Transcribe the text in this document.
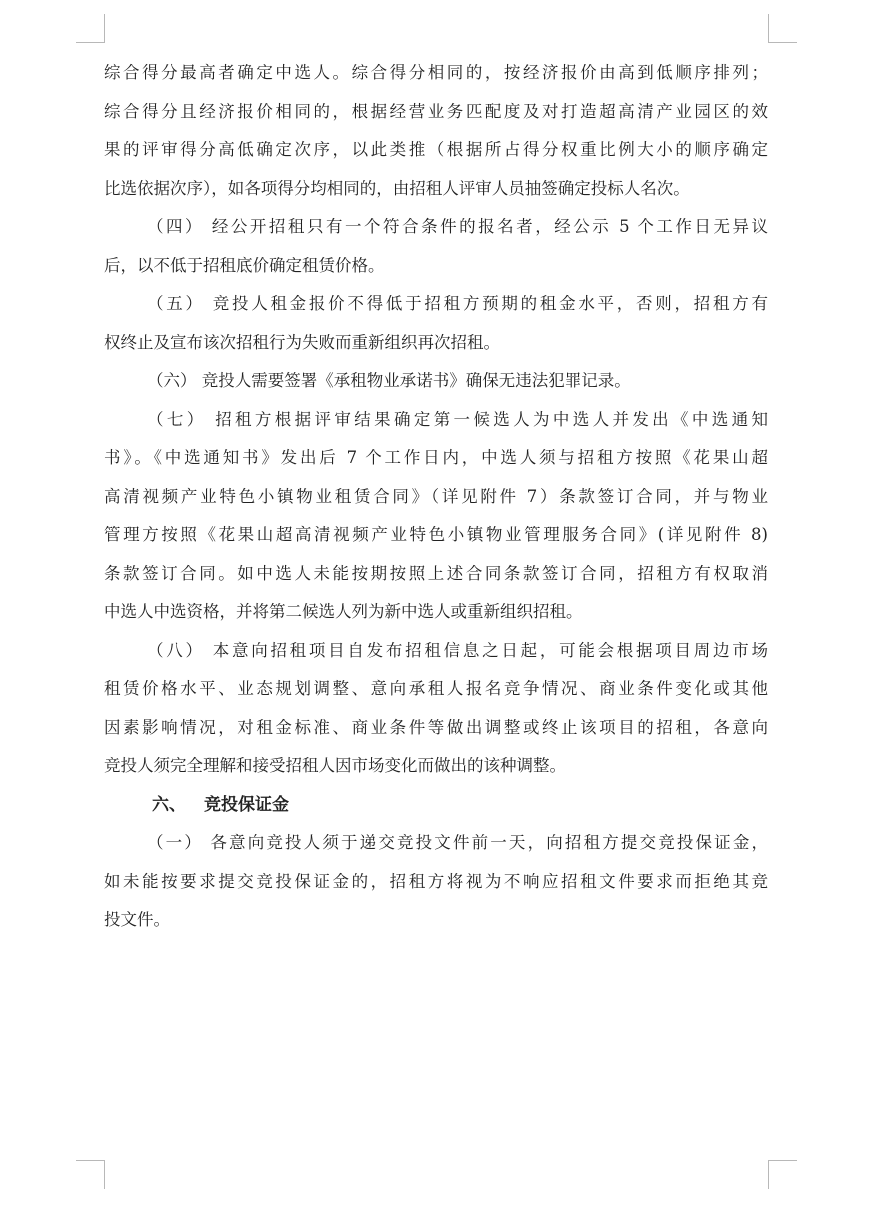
综合得分最高者确定中选人。综合得分相同的，按经济报价由高到低顺序排列；
综合得分且经济报价相同的，根据经营业务匹配度及对打造超高清产业园区的效
果的评审得分高低确定次序，以此类推（根据所占得分权重比例大小的顺序确定
比选依据次序），如各项得分均相同的，由招租人评审人员抽签确定投标人名次。
（四） 经公开招租只有一个符合条件的报名者，经公示 5 个工作日无异议
后，以不低于招租底价确定租赁价格。
（五） 竞投人租金报价不得低于招租方预期的租金水平，否则，招租方有
权终止及宣布该次招租行为失败而重新组织再次招租。
（六） 竞投人需要签署《承租物业承诺书》确保无违法犯罪记录。
（七） 招租方根据评审结果确定第一候选人为中选人并发出《中选通知
书》。《中选通知书》发出后 7 个工作日内，中选人须与招租方按照《花果山超
高清视频产业特色小镇物业租赁合同》（详见附件 7）条款签订合同，并与物业
管理方按照《花果山超高清视频产业特色小镇物业管理服务合同》(详见附件 8)
条款签订合同。如中选人未能按期按照上述合同条款签订合同，招租方有权取消
中选人中选资格，并将第二候选人列为新中选人或重新组织招租。
（八） 本意向招租项目自发布招租信息之日起，可能会根据项目周边市场
租赁价格水平、业态规划调整、意向承租人报名竞争情况、商业条件变化或其他
因素影响情况，对租金标准、商业条件等做出调整或终止该项目的招租，各意向
竞投人须完全理解和接受招租人因市场变化而做出的该种调整。
六、 竞投保证金
（一） 各意向竞投人须于递交竞投文件前一天，向招租方提交竞投保证金，
如未能按要求提交竞投保证金的，招租方将视为不响应招租文件要求而拒绝其竞
投文件。
